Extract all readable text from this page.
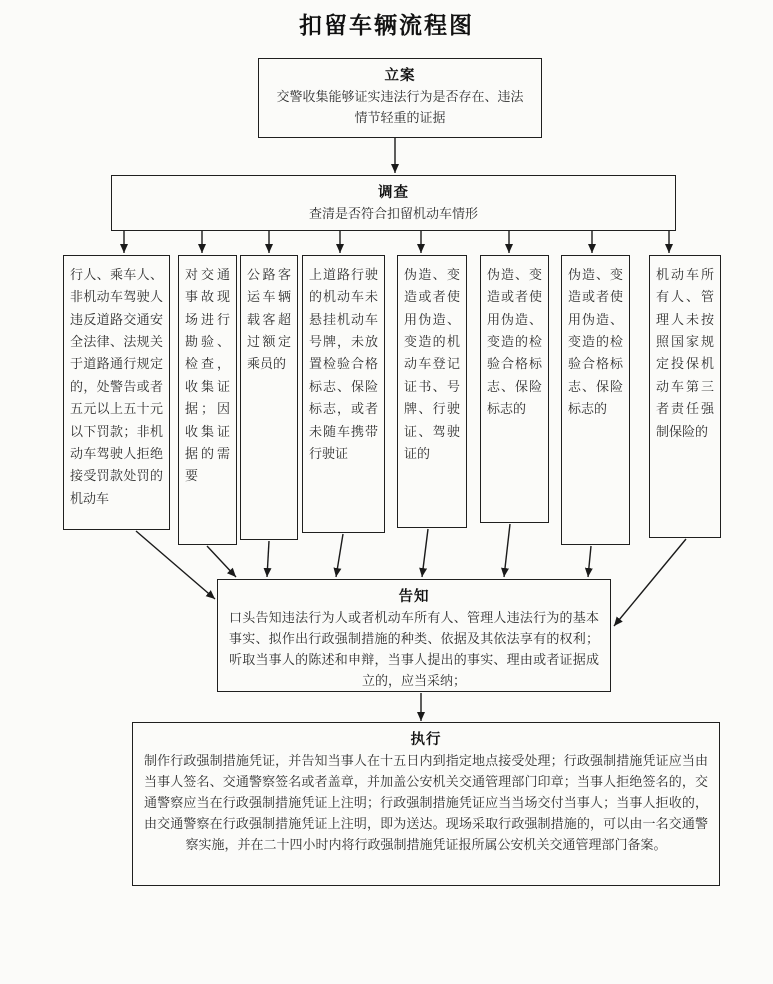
扣留车辆流程图
立案
交警收集能够证实违法行为是否存在、违法情节轻重的证据
调查
查清是否符合扣留机动车情形
行人、乘车人、非机动车驾驶人违反道路交通安全法律、法规关于道路通行规定的，处警告或者五元以上五十元以下罚款；非机动车驾驶人拒绝接受罚款处罚的机动车
对交通事故现场进行勘验、检查，收集证据；因收集证据的需要
公路客运车辆载客超过额定乘员的
上道路行驶的机动车未悬挂机动车号牌，未放置检验合格标志、保险标志，或者未随车携带行驶证
伪造、变造或者使用伪造、变造的机动车登记证书、号牌、行驶证、驾驶证的
伪造、变造或者使用伪造、变造的检验合格标志、保险标志的
伪造、变造或者使用伪造、变造的检验合格标志、保险标志的
机动车所有人、管理人未按照国家规定投保机动车第三者责任强制保险的
告知
口头告知违法行为人或者机动车所有人、管理人违法行为的基本事实、拟作出行政强制措施的种类、依据及其依法享有的权利；听取当事人的陈述和申辩，当事人提出的事实、理由或者证据成立的，应当采纳；
执行
制作行政强制措施凭证，并告知当事人在十五日内到指定地点接受处理；行政强制措施凭证应当由当事人签名、交通警察签名或者盖章，并加盖公安机关交通管理部门印章；当事人拒绝签名的，交通警察应当在行政强制措施凭证上注明；行政强制措施凭证应当当场交付当事人；当事人拒收的，由交通警察在行政强制措施凭证上注明，即为送达。现场采取行政强制措施的，可以由一名交通警察实施，并在二十四小时内将行政强制措施凭证报所属公安机关交通管理部门备案。
